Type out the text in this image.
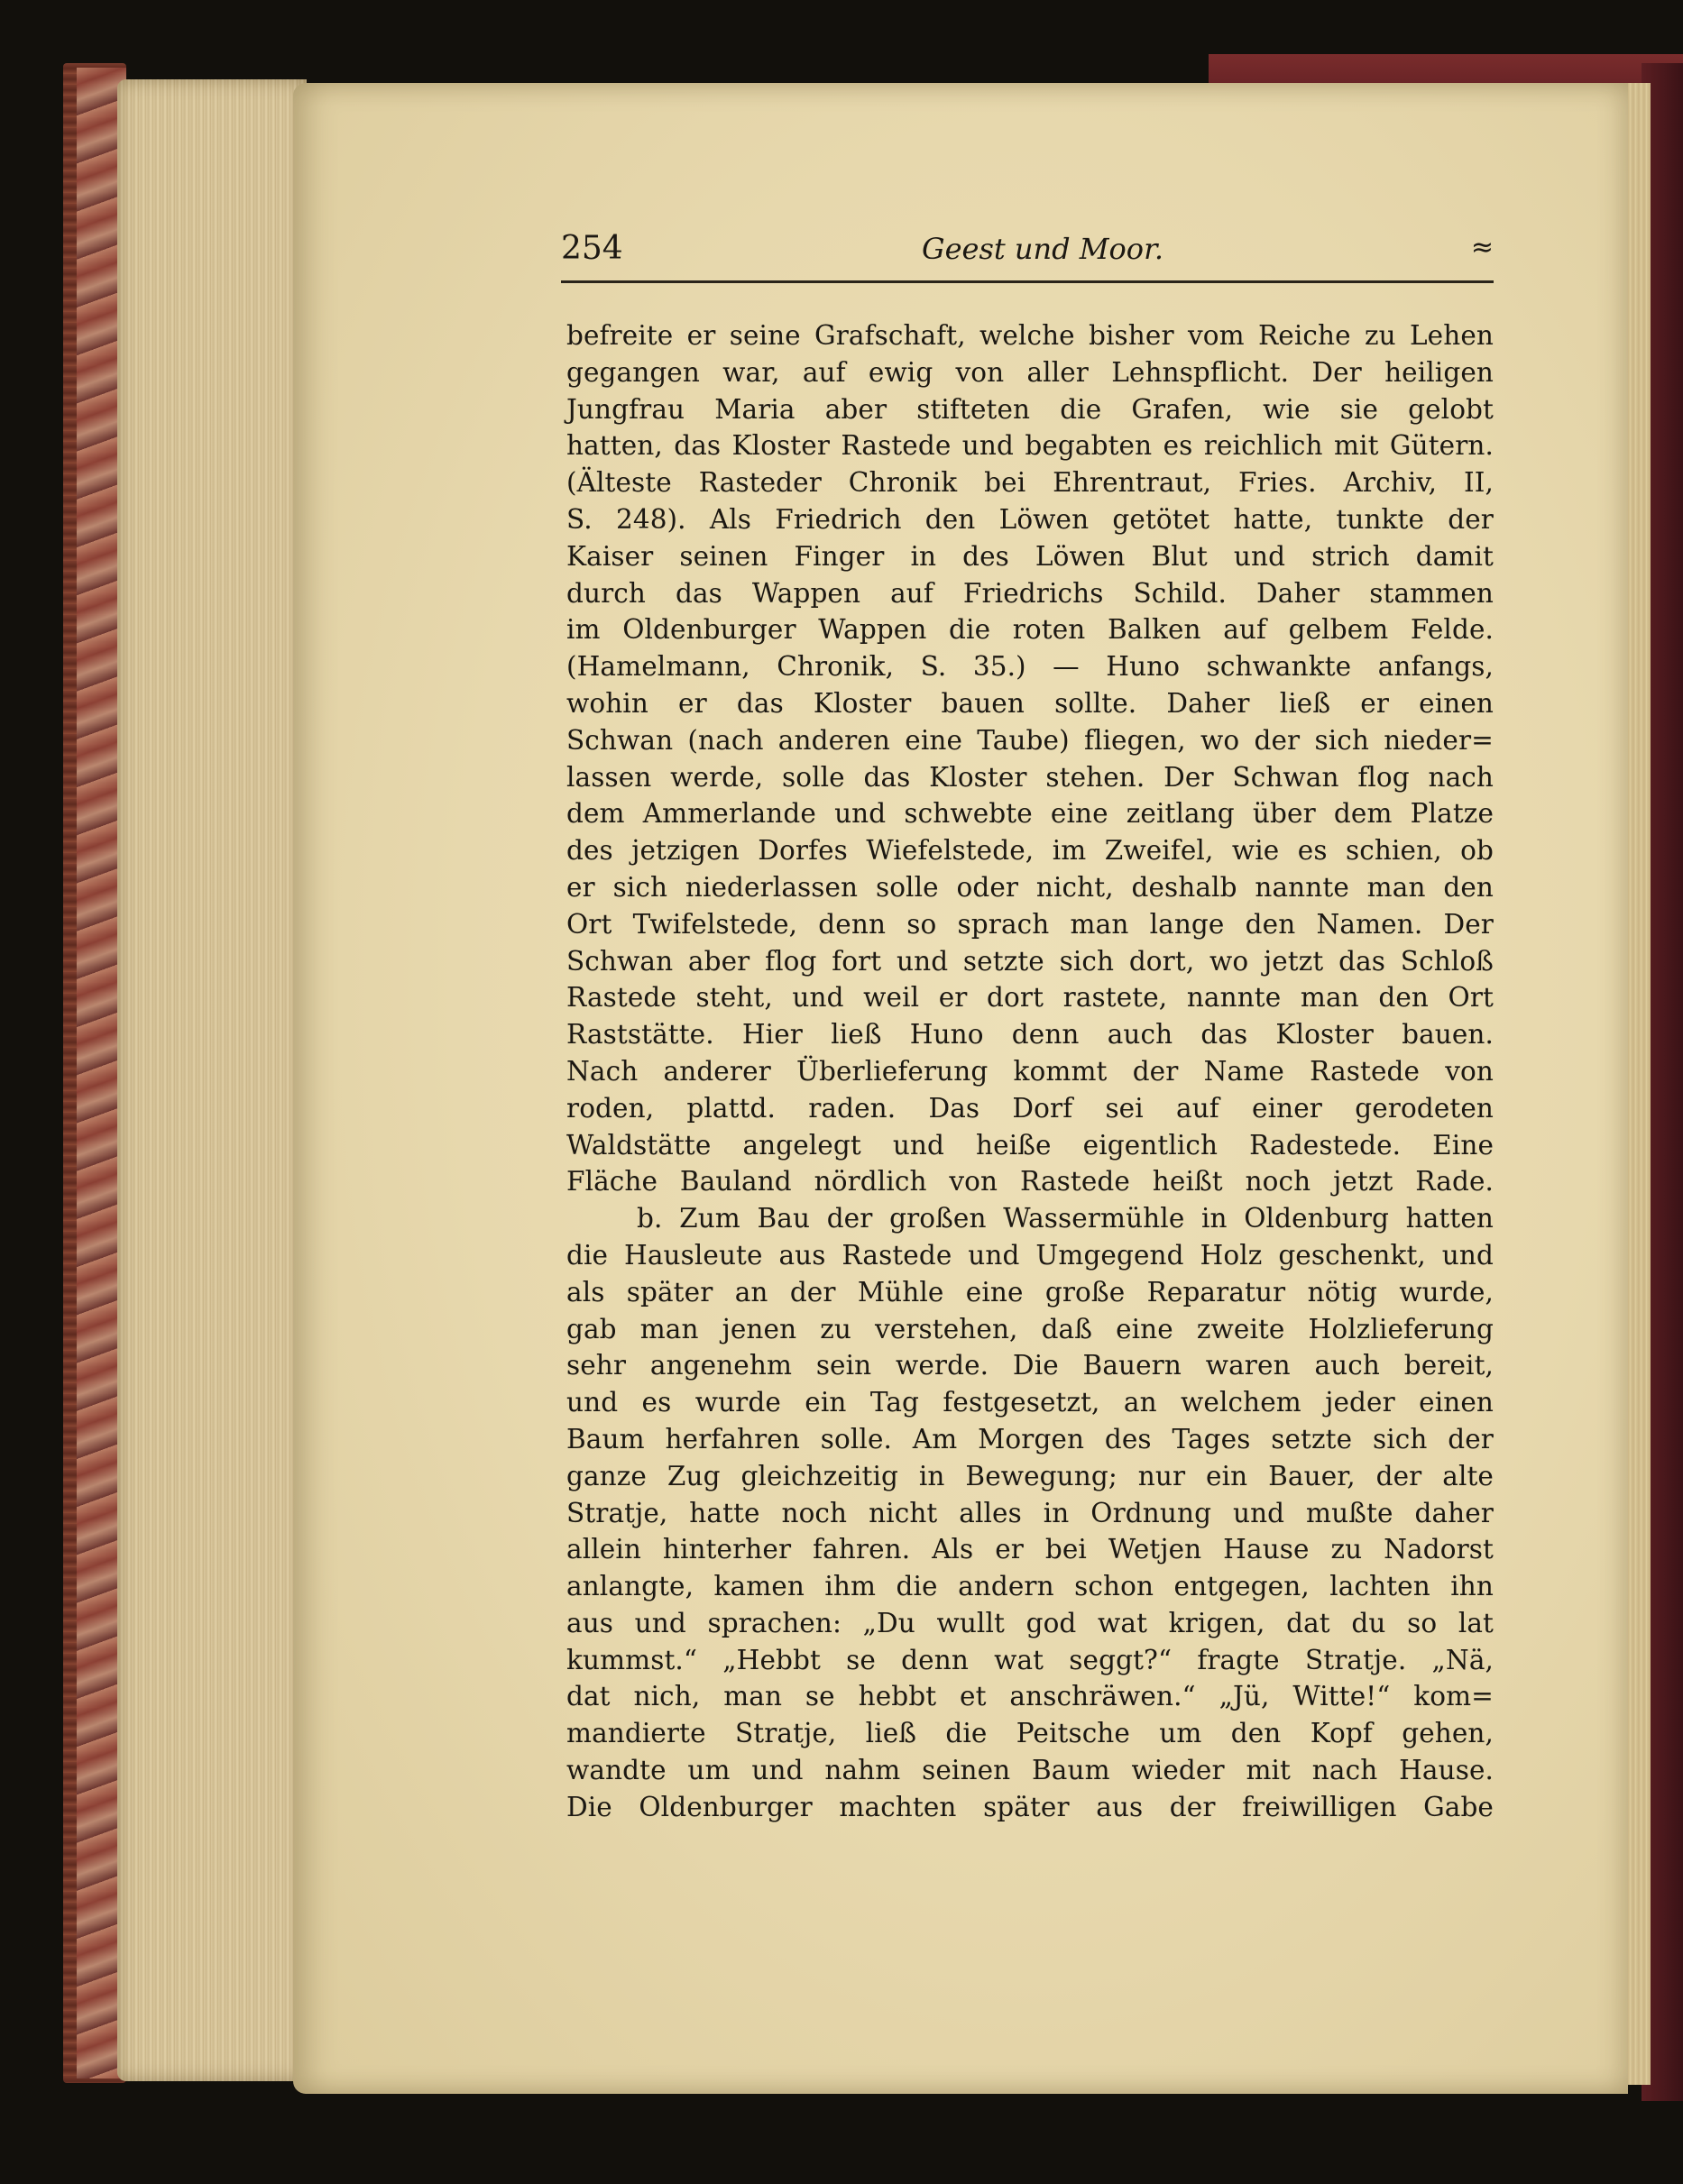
254	Geest und Moor.	≈
befreite er seine Grafschaft, welche bisher vom Reiche zu Lehen
gegangen war, auf ewig von aller Lehnspflicht. Der heiligen
Jungfrau Maria aber stifteten die Grafen, wie sie gelobt
hatten, das Kloster Rastede und begabten es reichlich mit Gütern.
(Älteste Rasteder Chronik bei Ehrentraut, Fries. Archiv, II,
S. 248). Als Friedrich den Löwen getötet hatte, tunkte der
Kaiser seinen Finger in des Löwen Blut und strich damit
durch das Wappen auf Friedrichs Schild. Daher stammen
im Oldenburger Wappen die roten Balken auf gelbem Felde.
(Hamelmann, Chronik, S. 35.) — Huno schwankte anfangs,
wohin er das Kloster bauen sollte. Daher ließ er einen
Schwan (nach anderen eine Taube) fliegen, wo der sich nieder=
lassen werde, solle das Kloster stehen. Der Schwan flog nach
dem Ammerlande und schwebte eine zeitlang über dem Platze
des jetzigen Dorfes Wiefelstede, im Zweifel, wie es schien, ob
er sich niederlassen solle oder nicht, deshalb nannte man den
Ort Twifelstede, denn so sprach man lange den Namen. Der
Schwan aber flog fort und setzte sich dort, wo jetzt das Schloß
Rastede steht, und weil er dort rastete, nannte man den Ort
Raststätte. Hier ließ Huno denn auch das Kloster bauen.
Nach anderer Überlieferung kommt der Name Rastede von
roden, plattd. raden. Das Dorf sei auf einer gerodeten
Waldstätte angelegt und heiße eigentlich Radestede. Eine
Fläche Bauland nördlich von Rastede heißt noch jetzt Rade.
b. Zum Bau der großen Wassermühle in Oldenburg hatten
die Hausleute aus Rastede und Umgegend Holz geschenkt, und
als später an der Mühle eine große Reparatur nötig wurde,
gab man jenen zu verstehen, daß eine zweite Holzlieferung
sehr angenehm sein werde. Die Bauern waren auch bereit,
und es wurde ein Tag festgesetzt, an welchem jeder einen
Baum herfahren solle. Am Morgen des Tages setzte sich der
ganze Zug gleichzeitig in Bewegung; nur ein Bauer, der alte
Stratje, hatte noch nicht alles in Ordnung und mußte daher
allein hinterher fahren. Als er bei Wetjen Hause zu Nadorst
anlangte, kamen ihm die andern schon entgegen, lachten ihn
aus und sprachen: „Du wullt god wat krigen, dat du so lat
kummst.“ „Hebbt se denn wat seggt?“ fragte Stratje. „Nä,
dat nich, man se hebbt et anschräwen.“ „Jü, Witte!“ kom=
mandierte Stratje, ließ die Peitsche um den Kopf gehen,
wandte um und nahm seinen Baum wieder mit nach Hause.
Die Oldenburger machten später aus der freiwilligen Gabe
